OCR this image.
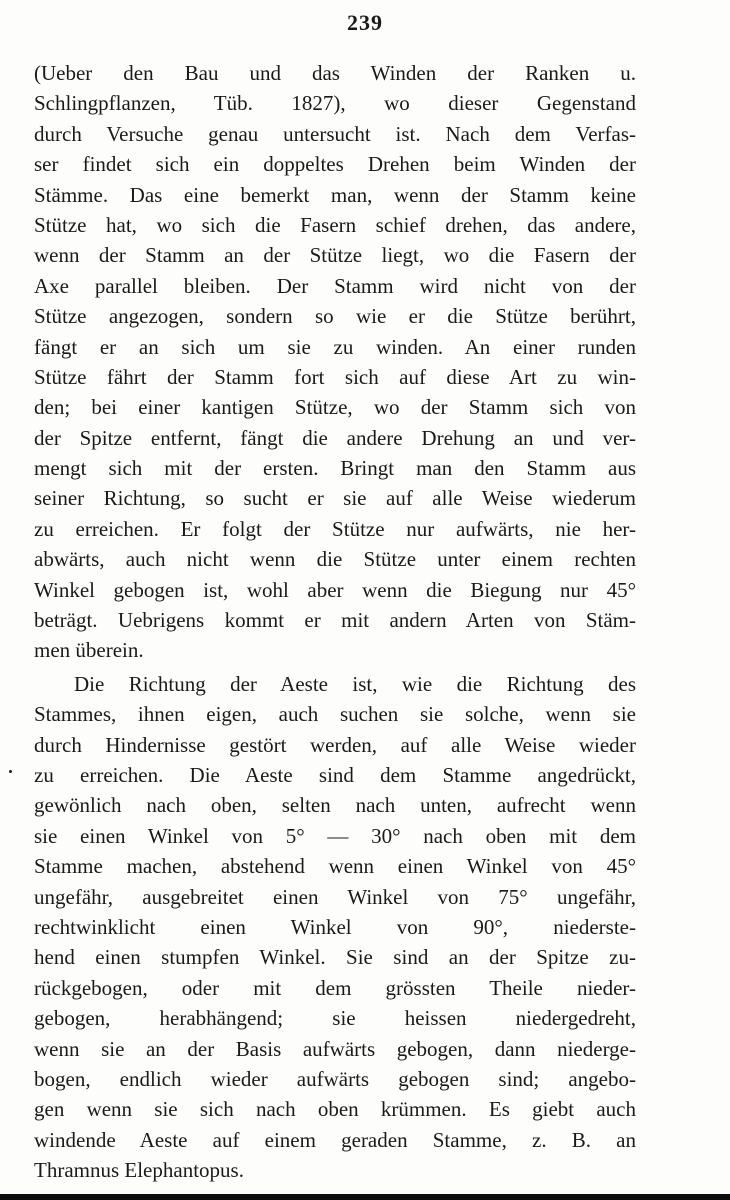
239
(Ueber den Bau und das Winden der Ranken u.
Schlingpflanzen, Tüb. 1827), wo dieser Gegenstand
durch Versuche genau untersucht ist. Nach dem Verfas-
ser findet sich ein doppeltes Drehen beim Winden der
Stämme. Das eine bemerkt man, wenn der Stamm keine
Stütze hat, wo sich die Fasern schief drehen, das andere,
wenn der Stamm an der Stütze liegt, wo die Fasern der
Axe parallel bleiben. Der Stamm wird nicht von der
Stütze angezogen, sondern so wie er die Stütze berührt,
fängt er an sich um sie zu winden. An einer runden
Stütze fährt der Stamm fort sich auf diese Art zu win-
den; bei einer kantigen Stütze, wo der Stamm sich von
der Spitze entfernt, fängt die andere Drehung an und ver-
mengt sich mit der ersten. Bringt man den Stamm aus
seiner Richtung, so sucht er sie auf alle Weise wiederum
zu erreichen. Er folgt der Stütze nur aufwärts, nie her-
abwärts, auch nicht wenn die Stütze unter einem rechten
Winkel gebogen ist, wohl aber wenn die Biegung nur 45°
beträgt. Uebrigens kommt er mit andern Arten von Stäm-
men überein.
Die Richtung der Aeste ist, wie die Richtung des
Stammes, ihnen eigen, auch suchen sie solche, wenn sie
durch Hindernisse gestört werden, auf alle Weise wieder
zu erreichen. Die Aeste sind dem Stamme angedrückt,
gewönlich nach oben, selten nach unten, aufrecht wenn
sie einen Winkel von 5° — 30° nach oben mit dem
Stamme machen, abstehend wenn einen Winkel von 45°
ungefähr, ausgebreitet einen Winkel von 75° ungefähr,
rechtwinklicht einen Winkel von 90°, niederste-
hend einen stumpfen Winkel. Sie sind an der Spitze zu-
rückgebogen, oder mit dem grössten Theile nieder-
gebogen, herabhängend; sie heissen niedergedreht,
wenn sie an der Basis aufwärts gebogen, dann niederge-
bogen, endlich wieder aufwärts gebogen sind; angebo-
gen wenn sie sich nach oben krümmen. Es giebt auch
windende Aeste auf einem geraden Stamme, z. B. an
Thramnus Elephantopus.
